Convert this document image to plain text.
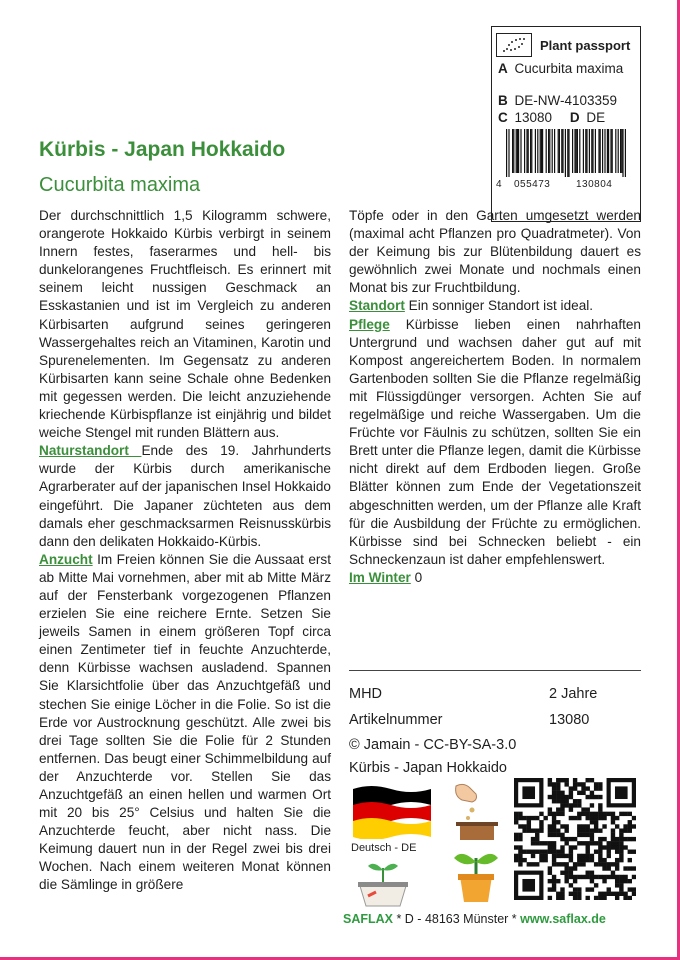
Plant passport
A Cucurbita maxima
B DE-NW-4103359
C 13080 D DE
4 055473	130804
Kürbis - Japan Hokkaido
Cucurbita maxima

Der durchschnittlich 1,5 Kilogramm schwere, orangerote Hokkaido Kürbis verbirgt in seinem Innern festes, faserarmes und hell- bis dunkelorangenes Fruchtfleisch. Es erinnert mit seinem leicht nussigen Geschmack an Esskastanien und ist im Vergleich zu anderen Kürbisarten aufgrund seines geringeren Wassergehaltes reich an Vitaminen, Karotin und Spurenelementen. Im Gegensatz zu anderen Kürbisarten kann seine Schale ohne Bedenken mit gegessen werden. Die leicht anzuziehende kriechende Kürbispflanze ist einjährig und bildet weiche Stengel mit runden Blättern aus.

Naturstandort Ende des 19. Jahrhunderts wurde der Kürbis durch amerikanische Agrarberater auf der japanischen Insel Hokkaido eingeführt. Die Japaner züchteten aus dem damals eher geschmacksarmen Reisnusskürbis dann den delikaten Hokkaido-Kürbis.

Anzucht Im Freien können Sie die Aussaat erst ab Mitte Mai vornehmen, aber mit ab Mitte März auf der Fensterbank vorgezogenen Pflanzen erzielen Sie eine reichere Ernte. Setzen Sie jeweils Samen in einem größeren Topf circa einen Zentimeter tief in feuchte Anzuchterde, denn Kürbisse wachsen ausladend. Spannen Sie Klarsichtfolie über das Anzuchtgefäß und stechen Sie einige Löcher in die Folie. So ist die Erde vor Austrocknung geschützt. Alle zwei bis drei Tage sollten Sie die Folie für 2 Stunden entfernen. Das beugt einer Schimmelbildung auf der Anzuchterde vor. Stellen Sie das Anzuchtgefäß an einen hellen und warmen Ort mit 20 bis 25° Celsius und halten Sie die Anzuchterde feucht, aber nicht nass. Die Keimung dauert nun in der Regel zwei bis drei Wochen. Nach einem weiteren Monat können die Sämlinge in größere

Töpfe oder in den Garten umgesetzt werden (maximal acht Pflanzen pro Quadratmeter). Von der Keimung bis zur Blütenbildung dauert es gewöhnlich zwei Monate und nochmals einen Monat bis zur Fruchtbildung.

Standort Ein sonniger Standort ist ideal.

Pflege Kürbisse lieben einen nahrhaften Untergrund und wachsen daher gut auf mit Kompost angereichertem Boden. In normalem Gartenboden sollten Sie die Pflanze regelmäßig mit Flüssigdünger versorgen. Achten Sie auf regelmäßige und reiche Wassergaben. Um die Früchte vor Fäulnis zu schützen, sollten Sie ein Brett unter die Pflanze legen, damit die Kürbisse nicht direkt auf dem Erdboden liegen. Große Blätter können zum Ende der Vegetationszeit abgeschnitten werden, um der Pflanze alle Kraft für die Ausbildung der Früchte zu ermöglichen. Kürbisse sind bei Schnecken beliebt - ein Schneckenzaun ist daher empfehlenswert.

Im Winter 0

MHD	2 Jahre
Artikelnummer	13080
© Jamain - CC-BY-SA-3.0
Kürbis - Japan Hokkaido
Deutsch - DE
SAFLAX * D - 48163 Münster * www.saflax.de
